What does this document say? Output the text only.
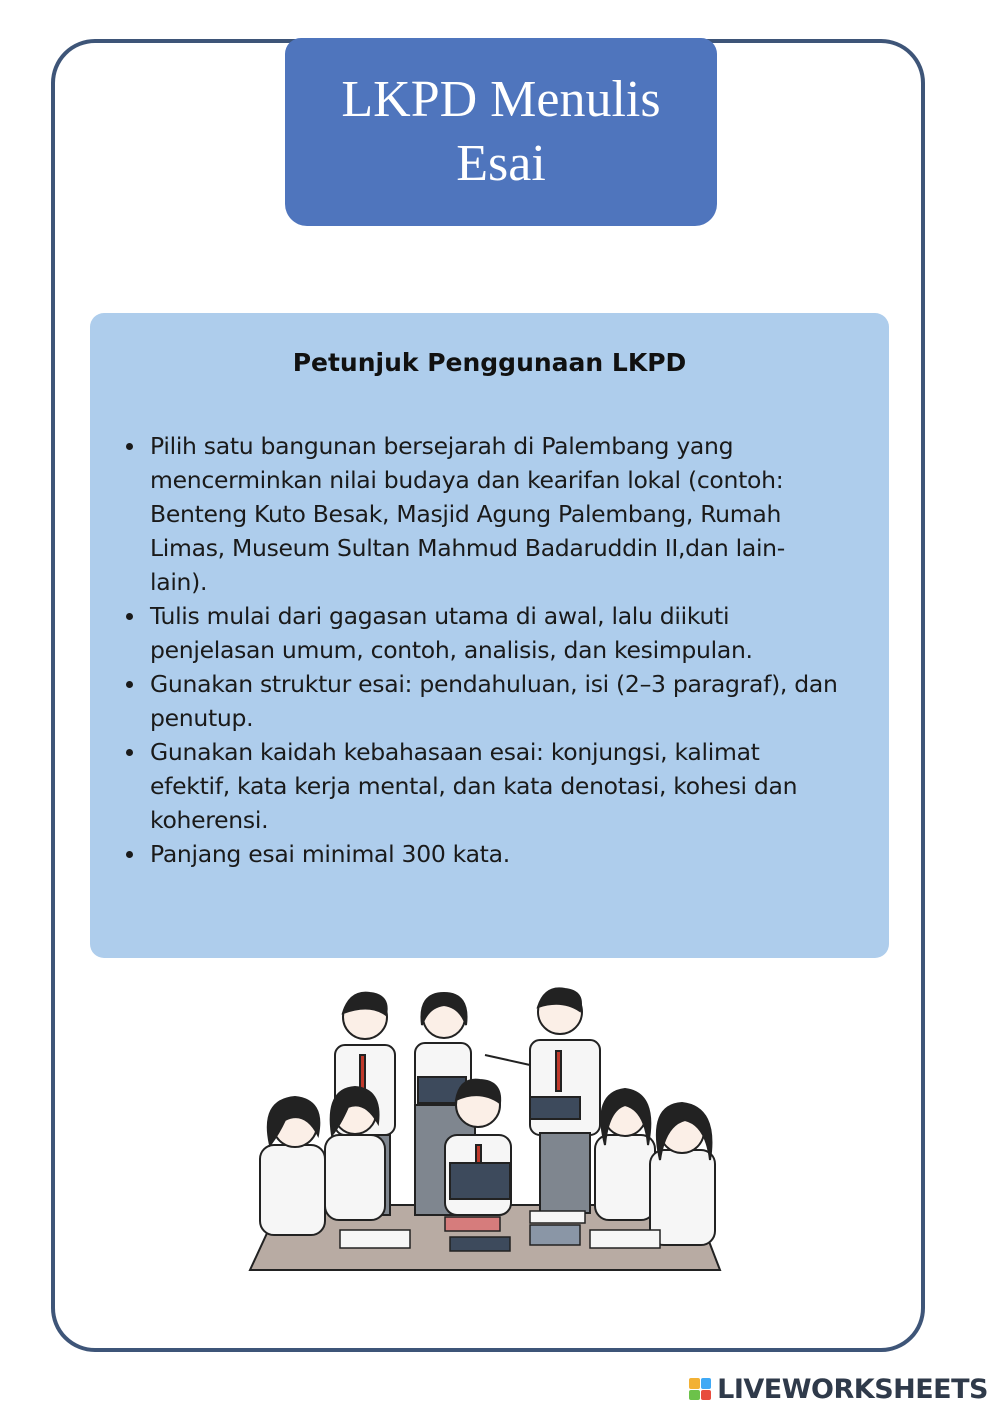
LKPD Menulis Esai
Petunjuk Penggunaan LKPD
Pilih satu bangunan bersejarah di Palembang yang mencerminkan nilai budaya dan kearifan lokal (contoh: Benteng Kuto Besak, Masjid Agung Palembang, Rumah Limas, Museum Sultan Mahmud Badaruddin II,dan lain-lain).
Tulis mulai dari gagasan utama di awal, lalu diikuti penjelasan umum, contoh, analisis, dan kesimpulan.
Gunakan struktur esai: pendahuluan, isi (2–3 paragraf), dan penutup.
Gunakan kaidah kebahasaan esai: konjungsi, kalimat efektif, kata kerja mental, dan kata denotasi, kohesi dan koherensi.
Panjang esai minimal 300 kata.
LIVEWORKSHEETS
